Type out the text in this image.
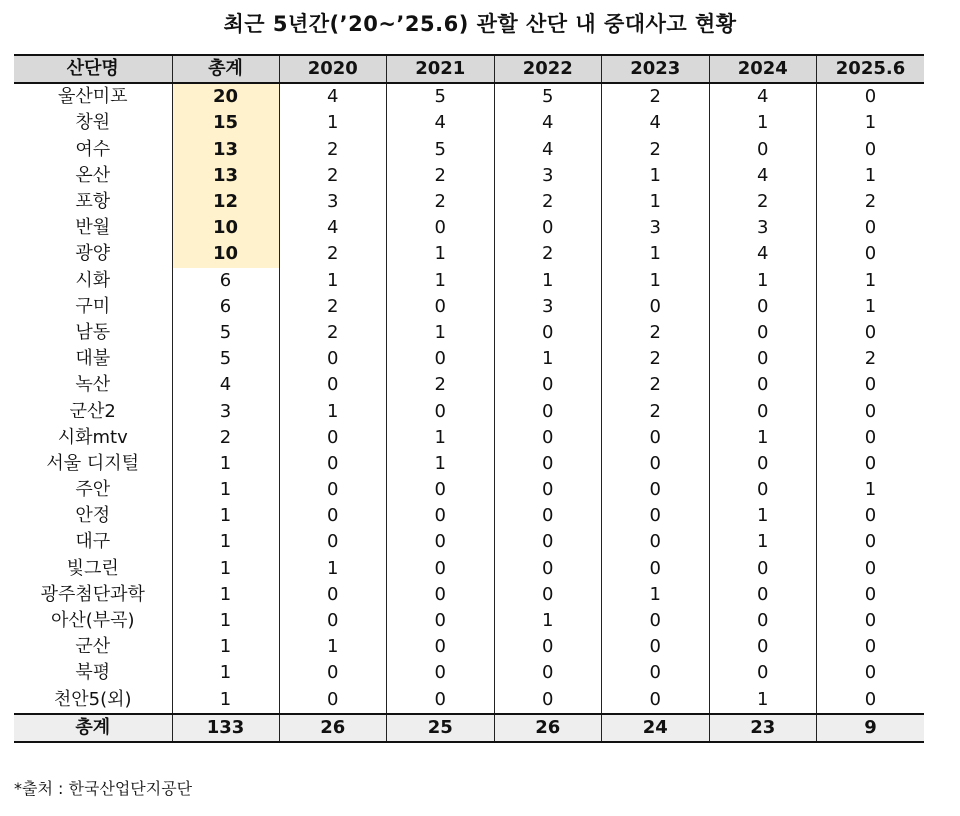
최근 5년간(’20~’25.6) 관할 산단 내 중대사고 현황
산단명	총계	2020	2021	2022	2023	2024	2025.6
울산미포	20	4	5	5	2	4	0
창원	15	1	4	4	4	1	1
여수	13	2	5	4	2	0	0
온산	13	2	2	3	1	4	1
포항	12	3	2	2	1	2	2
반월	10	4	0	0	3	3	0
광양	10	2	1	2	1	4	0
시화	6	1	1	1	1	1	1
구미	6	2	0	3	0	0	1
남동	5	2	1	0	2	0	0
대불	5	0	0	1	2	0	2
녹산	4	0	2	0	2	0	0
군산2	3	1	0	0	2	0	0
시화mtv	2	0	1	0	0	1	0
서울 디지털	1	0	1	0	0	0	0
주안	1	0	0	0	0	0	1
안정	1	0	0	0	0	1	0
대구	1	0	0	0	0	1	0
빛그린	1	1	0	0	0	0	0
광주첨단과학	1	0	0	0	1	0	0
아산(부곡)	1	0	0	1	0	0	0
군산	1	1	0	0	0	0	0
북평	1	0	0	0	0	0	0
천안5(외)	1	0	0	0	0	1	0
총계	133	26	25	26	24	23	9
*출처 : 한국산업단지공단
